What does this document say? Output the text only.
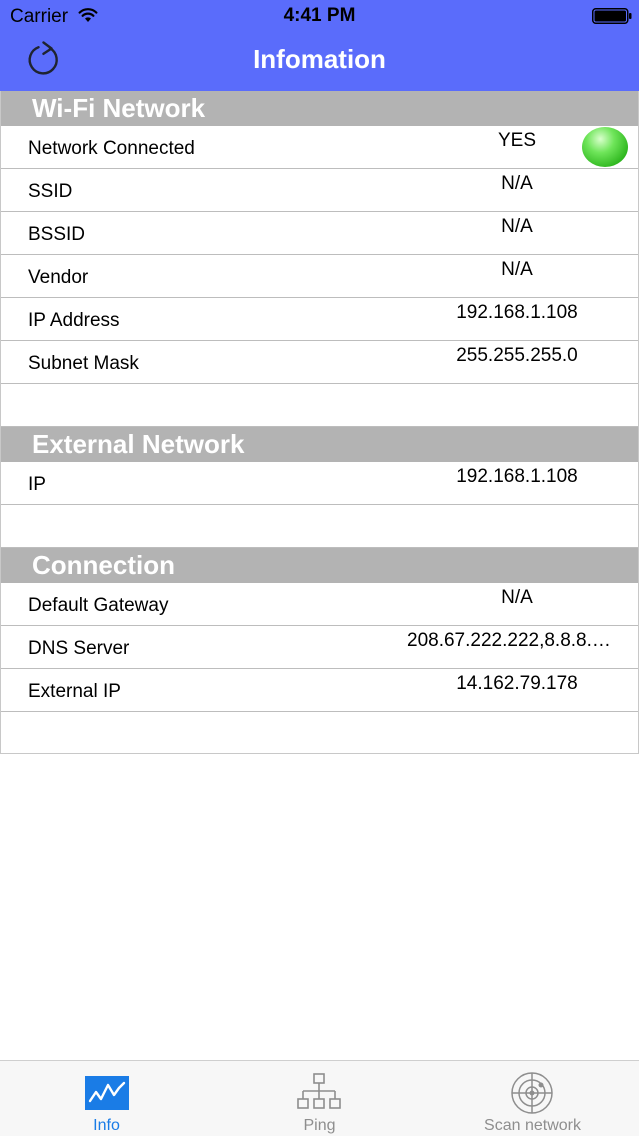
Carrier	4:41 PM
Infomation
Wi-Fi Network
Network Connected	YES
SSID	N/A
BSSID	N/A
Vendor	N/A
IP Address	192.168.1.108
Subnet Mask	255.255.255.0
External Network
IP	192.168.1.108
Connection
Default Gateway	N/A
DNS Server	208.67.222.222,8.8.8.…
External IP	14.162.79.178
Info	Ping	Scan network
